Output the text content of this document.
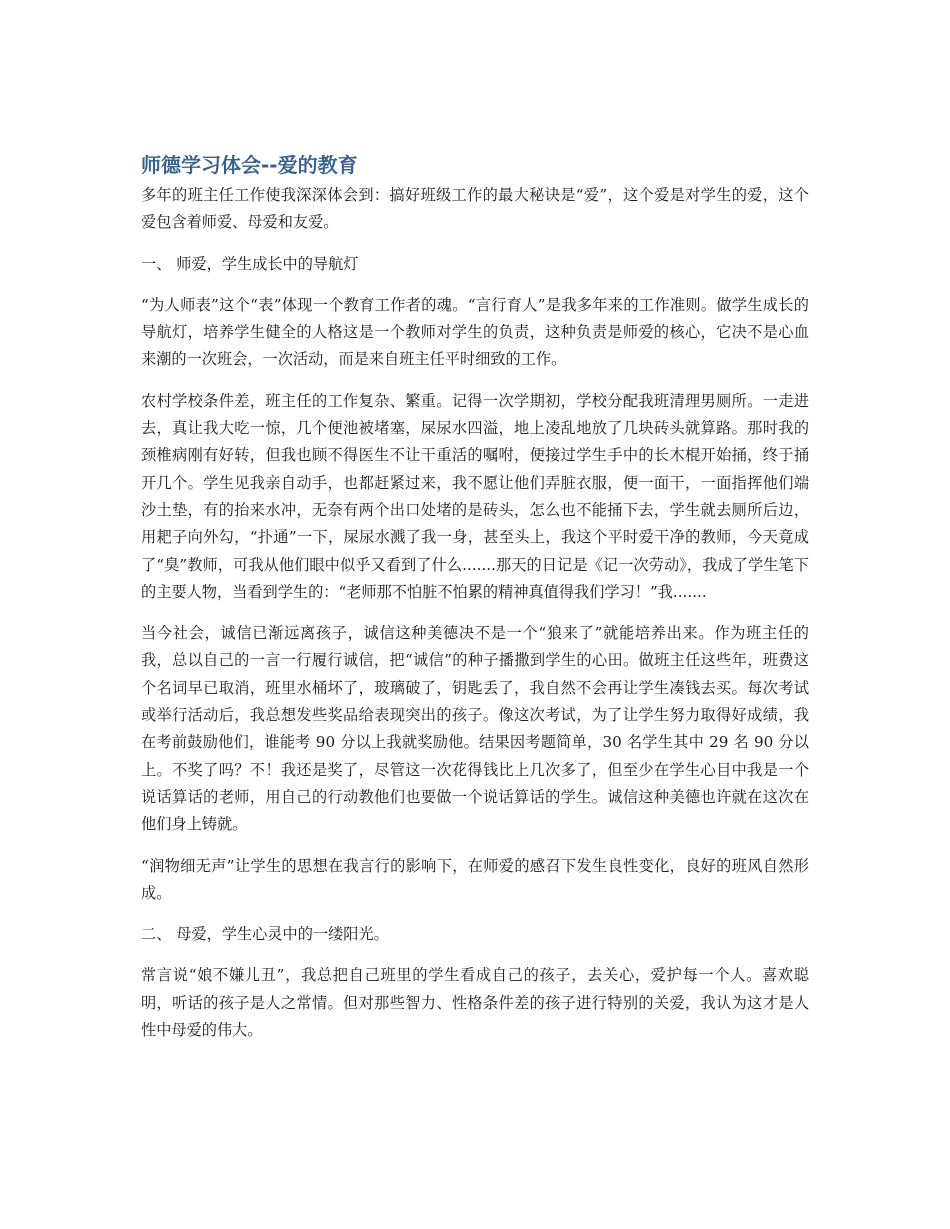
师德学习体会--爱的教育

多年的班主任工作使我深深体会到：搞好班级工作的最大秘诀是“爱”，这个爱是对学生的爱，这个爱包含着师爱、母爱和友爱。

一、 师爱，学生成长中的导航灯

“为人师表”这个“表”体现一个教育工作者的魂。“言行育人”是我多年来的工作准则。做学生成长的导航灯，培养学生健全的人格这是一个教师对学生的负责，这种负责是师爱的核心，它决不是心血来潮的一次班会，一次活动，而是来自班主任平时细致的工作。

农村学校条件差，班主任的工作复杂、繁重。记得一次学期初，学校分配我班清理男厕所。一走进去，真让我大吃一惊，几个便池被堵塞，屎尿水四溢，地上凌乱地放了几块砖头就算路。那时我的颈椎病刚有好转，但我也顾不得医生不让干重活的嘱咐，便接过学生手中的长木棍开始捅，终于捅开几个。学生见我亲自动手，也都赶紧过来，我不愿让他们弄脏衣服，便一面干，一面指挥他们端沙土垫，有的抬来水冲，无奈有两个出口处堵的是砖头，怎么也不能捅下去，学生就去厕所后边，用耙子向外勾，“扑通”一下，屎尿水溅了我一身，甚至头上，我这个平时爱干净的教师，今天竟成了“臭”教师，可我从他们眼中似乎又看到了什么.......那天的日记是《记一次劳动》，我成了学生笔下的主要人物，当看到学生的：“老师那不怕脏不怕累的精神真值得我们学习！”我.......

当今社会，诚信已渐远离孩子，诚信这种美德决不是一个“狼来了”就能培养出来。作为班主任的我，总以自己的一言一行履行诚信，把“诚信”的种子播撒到学生的心田。做班主任这些年，班费这个名词早已取消，班里水桶坏了，玻璃破了，钥匙丢了，我自然不会再让学生凑钱去买。每次考试或举行活动后，我总想发些奖品给表现突出的孩子。像这次考试，为了让学生努力取得好成绩，我在考前鼓励他们，谁能考 90 分以上我就奖励他。结果因考题简单，30 名学生其中 29 名 90 分以上。不奖了吗？不！我还是奖了，尽管这一次花得钱比上几次多了，但至少在学生心目中我是一个说话算话的老师，用自己的行动教他们也要做一个说话算话的学生。诚信这种美德也许就在这次在他们身上铸就。

“润物细无声”让学生的思想在我言行的影响下，在师爱的感召下发生良性变化，良好的班风自然形成。

二、 母爱，学生心灵中的一缕阳光。

常言说“娘不嫌儿丑”，我总把自己班里的学生看成自己的孩子，去关心，爱护每一个人。喜欢聪明，听话的孩子是人之常情。但对那些智力、性格条件差的孩子进行特别的关爱，我认为这才是人性中母爱的伟大。
